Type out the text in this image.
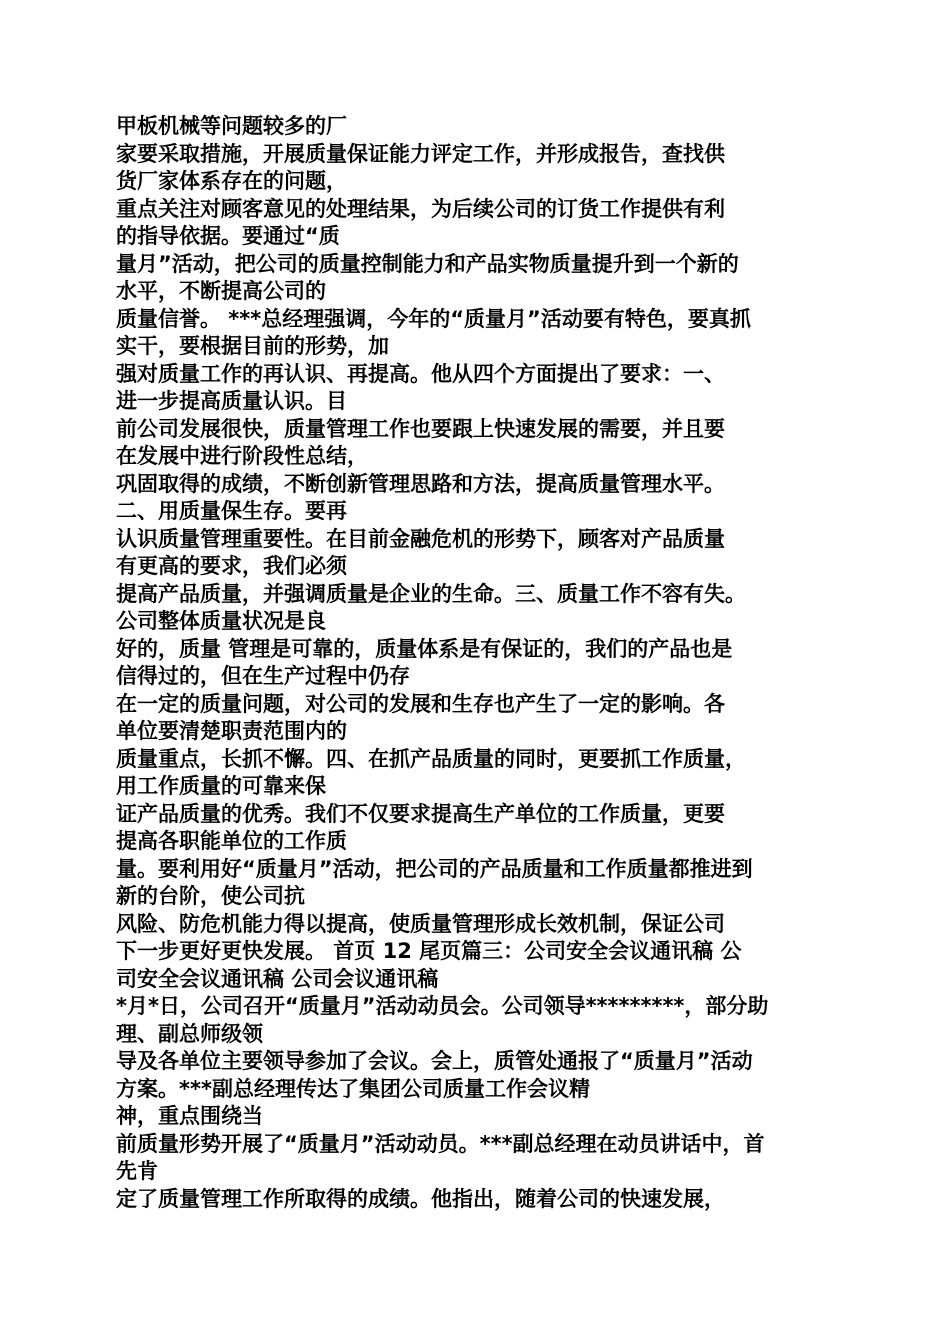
甲板机械等问题较多的厂
家要采取措施，开展质量保证能力评定工作，并形成报告，查找供
货厂家体系存在的问题，
重点关注对顾客意见的处理结果，为后续公司的订货工作提供有利
的指导依据。要通过“质
量月”活动，把公司的质量控制能力和产品实物质量提升到一个新的
水平，不断提高公司的
质量信誉。 ***总经理强调，今年的“质量月”活动要有特色，要真抓
实干，要根据目前的形势，加
强对质量工作的再认识、再提高。他从四个方面提出了要求：一、
进一步提高质量认识。目
前公司发展很快，质量管理工作也要跟上快速发展的需要，并且要
在发展中进行阶段性总结，
巩固取得的成绩，不断创新管理思路和方法，提高质量管理水平。
二、用质量保生存。要再
认识质量管理重要性。在目前金融危机的形势下，顾客对产品质量
有更高的要求，我们必须
提高产品质量，并强调质量是企业的生命。三、质量工作不容有失。
公司整体质量状况是良
好的，质量 管理是可靠的，质量体系是有保证的，我们的产品也是
信得过的，但在生产过程中仍存
在一定的质量问题，对公司的发展和生存也产生了一定的影响。各
单位要清楚职责范围内的
质量重点，长抓不懈。四、在抓产品质量的同时，更要抓工作质量，
用工作质量的可靠来保
证产品质量的优秀。我们不仅要求提高生产单位的工作质量，更要
提高各职能单位的工作质
量。要利用好“质量月”活动，把公司的产品质量和工作质量都推进到
新的台阶，使公司抗
风险、防危机能力得以提高，使质量管理形成长效机制，保证公司
下一步更好更快发展。 首页 12 尾页篇三：公司安全会议通讯稿 公
司安全会议通讯稿 公司会议通讯稿
*月*日，公司召开“质量月”活动动员会。公司领导*********，部分助
理、副总师级领
导及各单位主要领导参加了会议。会上，质管处通报了“质量月”活动
方案。***副总经理传达了集团公司质量工作会议精
神，重点围绕当
前质量形势开展了“质量月”活动动员。***副总经理在动员讲话中，首
先肯
定了质量管理工作所取得的成绩。他指出，随着公司的快速发展，
